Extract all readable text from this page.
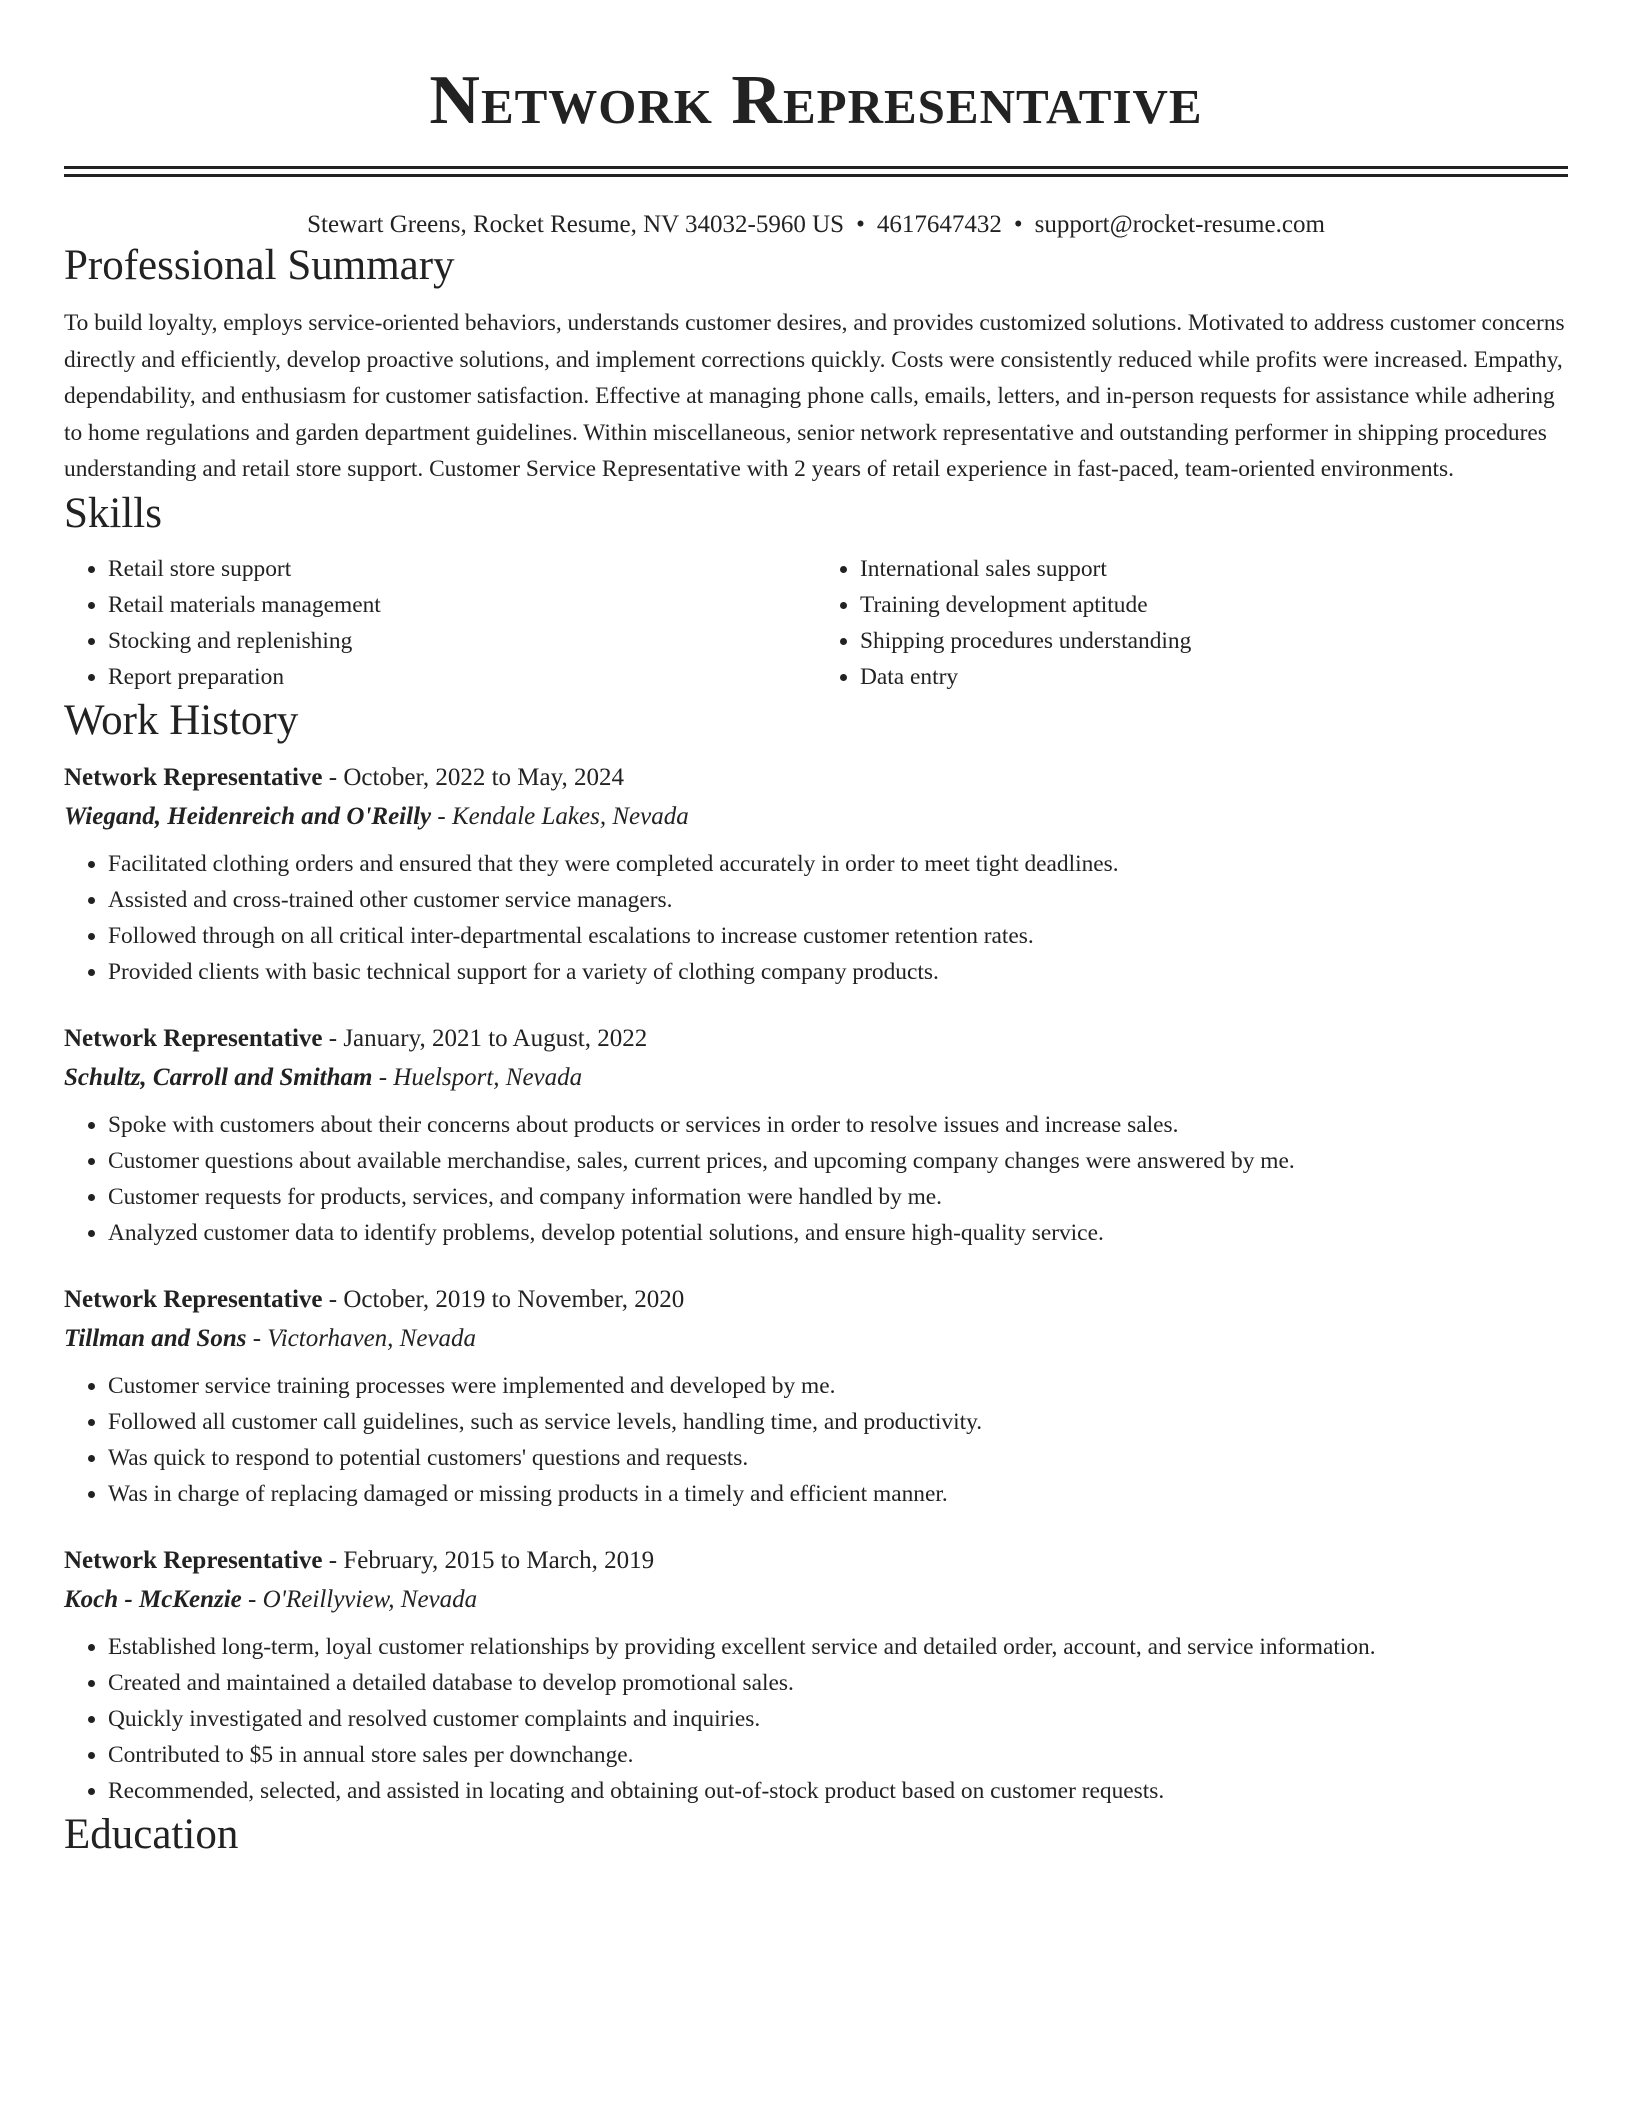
Network Representative
Stewart Greens, Rocket Resume, NV 34032-5960 US • 4617647432 • support@rocket-resume.com
Professional Summary

To build loyalty, employs service-oriented behaviors, understands customer desires, and provides customized solutions. Motivated to address customer concerns directly and efficiently, develop proactive solutions, and implement corrections quickly. Costs were consistently reduced while profits were increased. Empathy, dependability, and enthusiasm for customer satisfaction. Effective at managing phone calls, emails, letters, and in-person requests for assistance while adhering to home regulations and garden department guidelines. Within miscellaneous, senior network representative and outstanding performer in shipping procedures understanding and retail store support. Customer Service Representative with 2 years of retail experience in fast-paced, team-oriented environments.

Skills
• Retail store support
• Retail materials management
• Stocking and replenishing
• Report preparation
• International sales support
• Training development aptitude
• Shipping procedures understanding
• Data entry
Work History
Network Representative - October, 2022 to May, 2024
Wiegand, Heidenreich and O'Reilly - Kendale Lakes, Nevada
• Facilitated clothing orders and ensured that they were completed accurately in order to meet tight deadlines.
• Assisted and cross-trained other customer service managers.
• Followed through on all critical inter-departmental escalations to increase customer retention rates.
• Provided clients with basic technical support for a variety of clothing company products.
Network Representative - January, 2021 to August, 2022
Schultz, Carroll and Smitham - Huelsport, Nevada
• Spoke with customers about their concerns about products or services in order to resolve issues and increase sales.
• Customer questions about available merchandise, sales, current prices, and upcoming company changes were answered by me.
• Customer requests for products, services, and company information were handled by me.
• Analyzed customer data to identify problems, develop potential solutions, and ensure high-quality service.
Network Representative - October, 2019 to November, 2020
Tillman and Sons - Victorhaven, Nevada
• Customer service training processes were implemented and developed by me.
• Followed all customer call guidelines, such as service levels, handling time, and productivity.
• Was quick to respond to potential customers' questions and requests.
• Was in charge of replacing damaged or missing products in a timely and efficient manner.
Network Representative - February, 2015 to March, 2019
Koch - McKenzie - O'Reillyview, Nevada
• Established long-term, loyal customer relationships by providing excellent service and detailed order, account, and service information.
• Created and maintained a detailed database to develop promotional sales.
• Quickly investigated and resolved customer complaints and inquiries.
• Contributed to $5 in annual store sales per downchange.
• Recommended, selected, and assisted in locating and obtaining out-of-stock product based on customer requests.
Education
